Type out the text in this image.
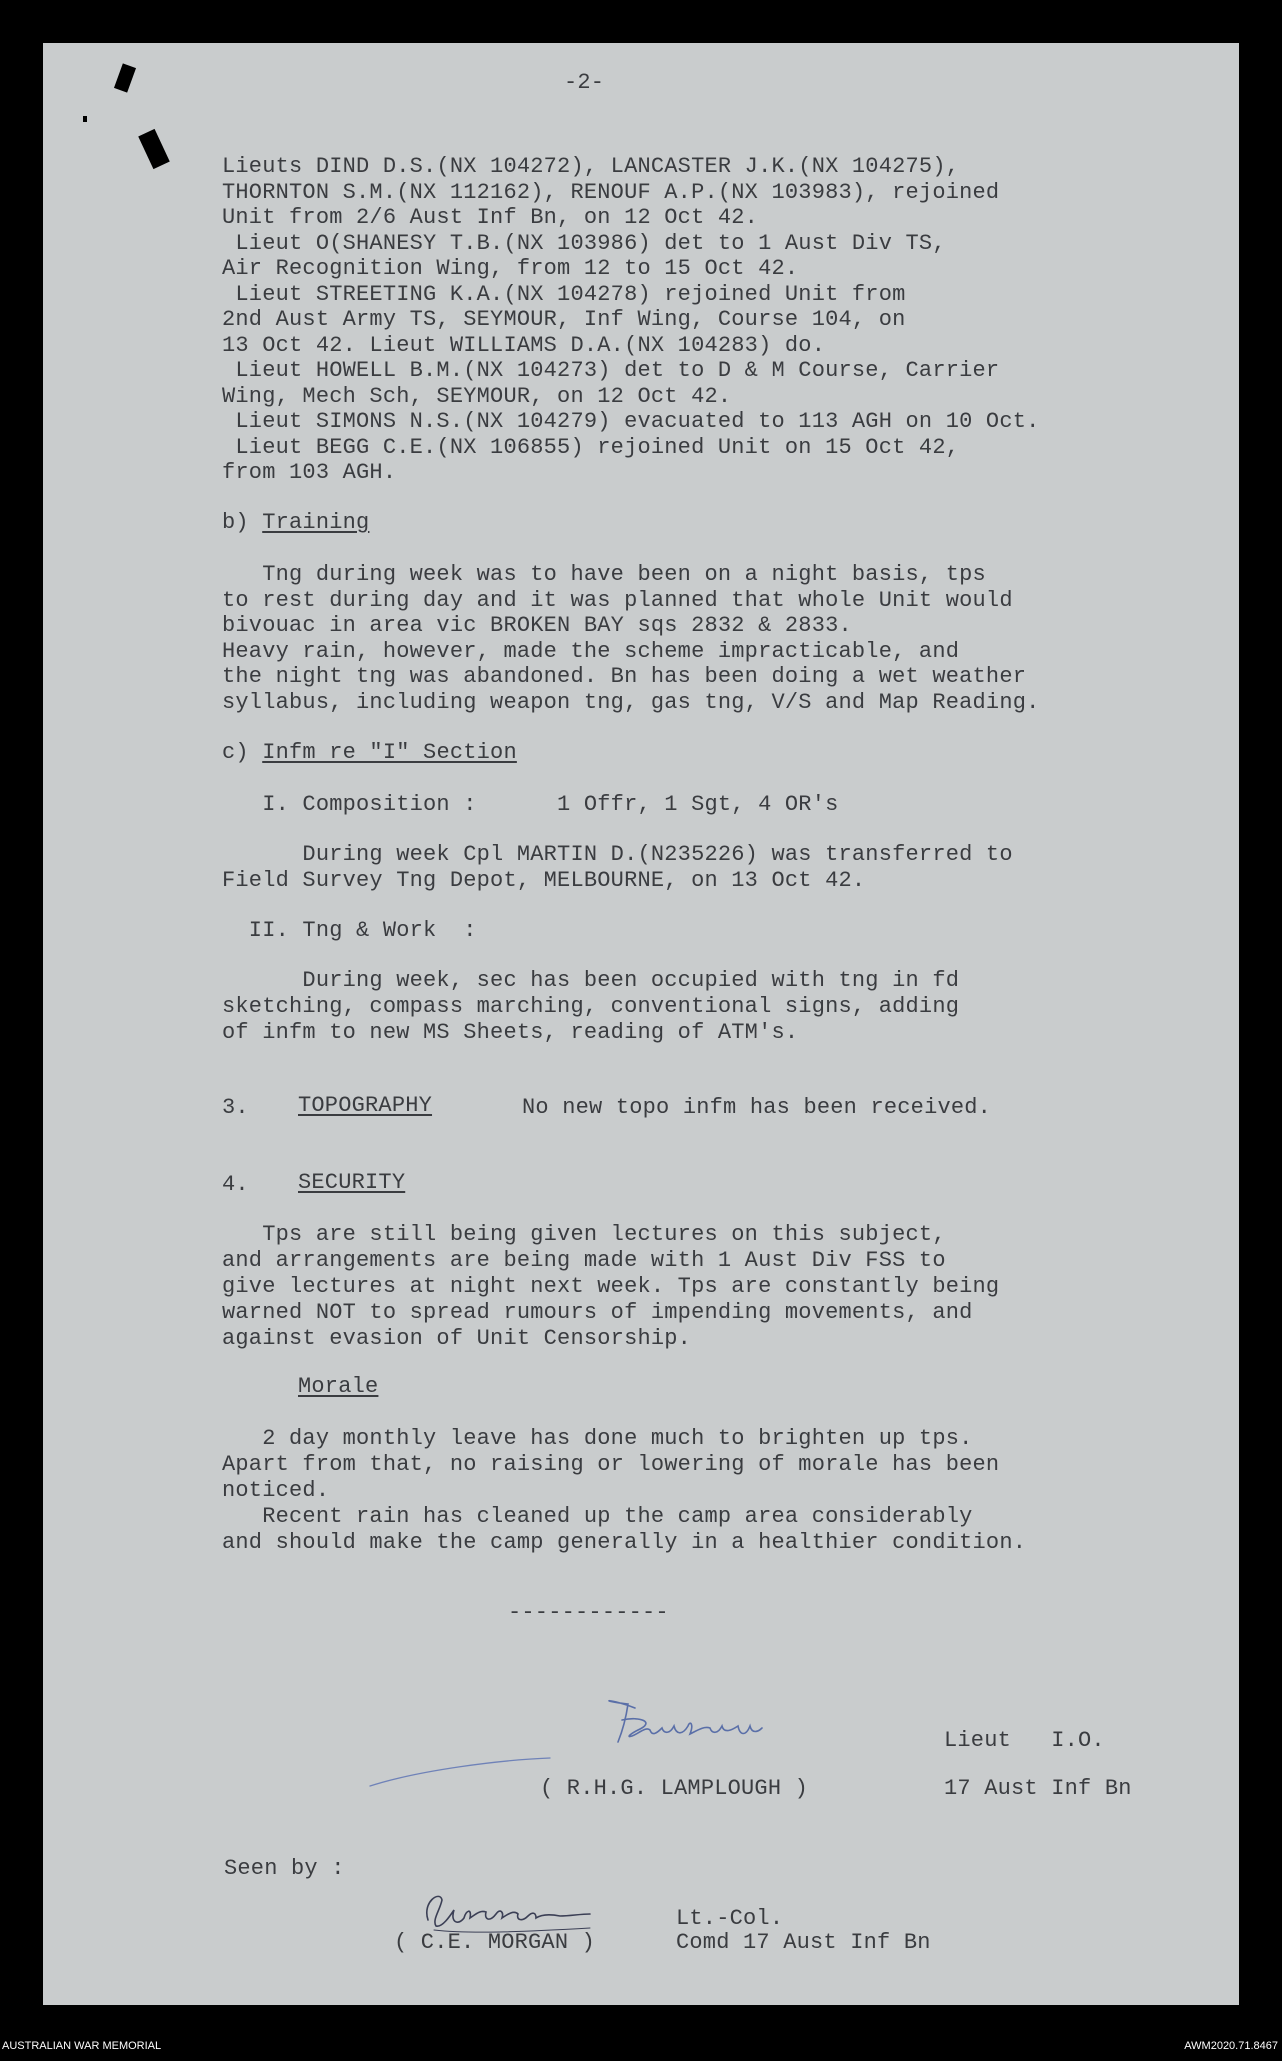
-2-
Lieuts DIND D.S.(NX 104272), LANCASTER J.K.(NX 104275),
THORNTON S.M.(NX 112162), RENOUF A.P.(NX 103983), rejoined
Unit from 2/6 Aust Inf Bn, on 12 Oct 42.
Lieut O(SHANESY T.B.(NX 103986) det to 1 Aust Div TS,
Air Recognition Wing, from 12 to 15 Oct 42.
Lieut STREETING K.A.(NX 104278) rejoined Unit from
2nd Aust Army TS, SEYMOUR, Inf Wing, Course 104, on
13 Oct 42. Lieut WILLIAMS D.A.(NX 104283) do.
Lieut HOWELL B.M.(NX 104273) det to D & M Course, Carrier
Wing, Mech Sch, SEYMOUR, on 12 Oct 42.
Lieut SIMONS N.S.(NX 104279) evacuated to 113 AGH on 10 Oct.
Lieut BEGG C.E.(NX 106855) rejoined Unit on 15 Oct 42,
from 103 AGH.
b) Training
Tng during week was to have been on a night basis, tps
to rest during day and it was planned that whole Unit would
bivouac in area vic BROKEN BAY sqs 2832 & 2833.
Heavy rain, however, made the scheme impracticable, and
the night tng was abandoned. Bn has been doing a wet weather
syllabus, including weapon tng, gas tng, V/S and Map Reading.
c) Infm re "I" Section
I. Composition :      1 Offr, 1 Sgt, 4 OR's
During week Cpl MARTIN D.(N235226) was transferred to
Field Survey Tng Depot, MELBOURNE, on 13 Oct 42.
II. Tng & Work  :
During week, sec has been occupied with tng in fd
sketching, compass marching, conventional signs, adding
of infm to new MS Sheets, reading of ATM's.
3. TOPOGRAPHY	No new topo infm has been received.
4. SECURITY
Tps are still being given lectures on this subject,
and arrangements are being made with 1 Aust Div FSS to
give lectures at night next week. Tps are constantly being
warned NOT to spread rumours of impending movements, and
against evasion of Unit Censorship.
Morale
2 day monthly leave has done much to brighten up tps.
Apart from that, no raising or lowering of morale has been
noticed.
Recent rain has cleaned up the camp area considerably
and should make the camp generally in a healthier condition.
------------
Lieut   I.O.
( R.H.G. LAMPLOUGH )	17 Aust Inf Bn
Seen by :
Lt.-Col.
( C.E. MORGAN )	Comd 17 Aust Inf Bn
AUSTRALIAN WAR MEMORIAL	AWM2020.71.8467
